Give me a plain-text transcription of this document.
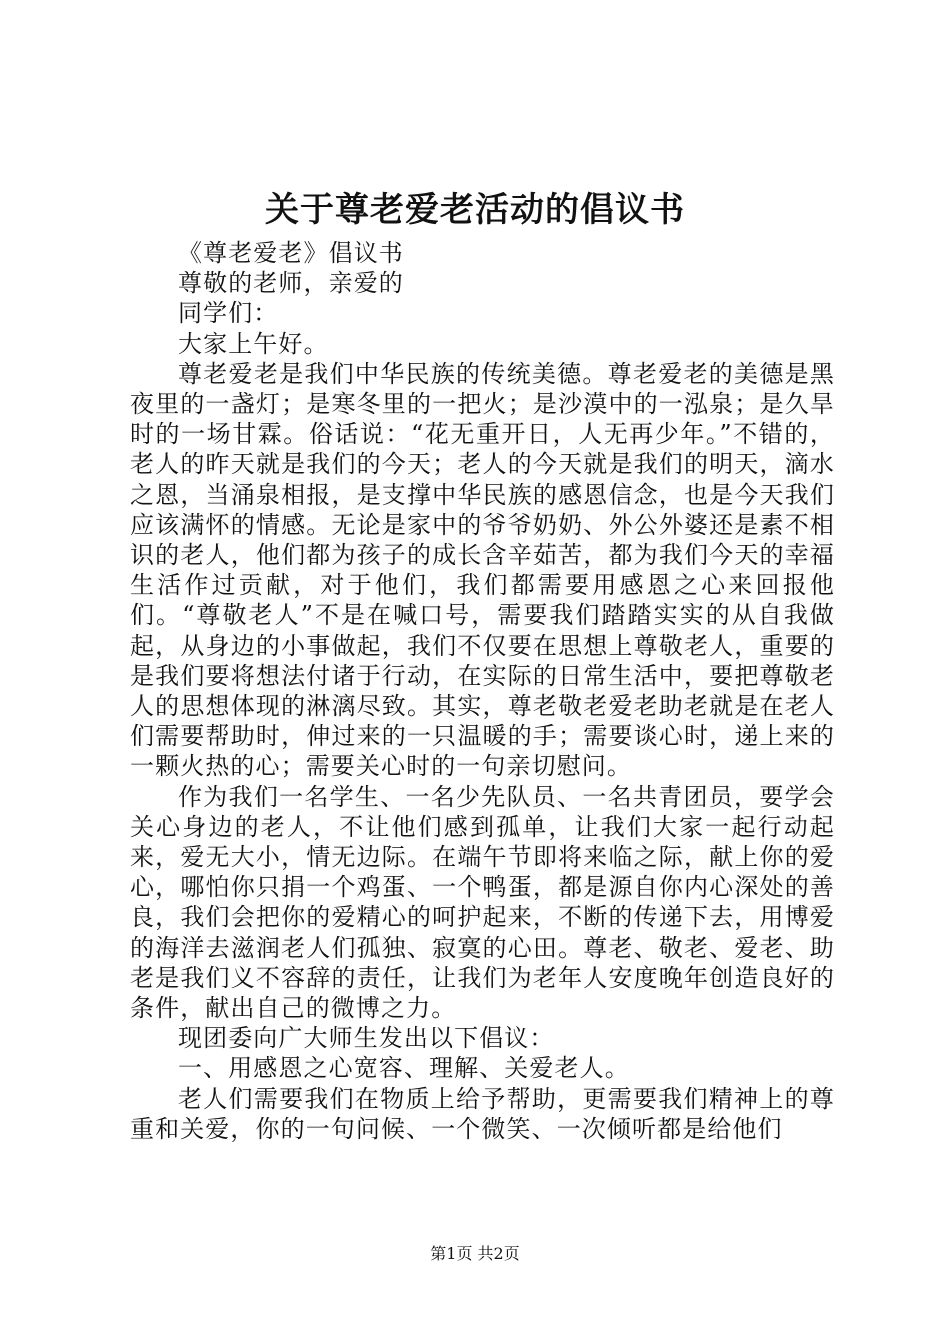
关于尊老爱老活动的倡议书

《尊老爱老》倡议书

尊敬的老师，亲爱的

同学们：

大家上午好。

尊老爱老是我们中华民族的传统美德。尊老爱老的美德是黑夜里的一盏灯；是寒冬里的一把火；是沙漠中的一泓泉；是久旱时的一场甘霖。俗话说：“花无重开日，人无再少年。”不错的，老人的昨天就是我们的今天；老人的今天就是我们的明天，滴水之恩，当涌泉相报，是支撑中华民族的感恩信念，也是今天我们应该满怀的情感。无论是家中的爷爷奶奶、外公外婆还是素不相识的老人，他们都为孩子的成长含辛茹苦，都为我们今天的幸福生活作过贡献，对于他们，我们都需要用感恩之心来回报他们。“尊敬老人”不是在喊口号，需要我们踏踏实实的从自我做起，从身边的小事做起，我们不仅要在思想上尊敬老人，重要的是我们要将想法付诸于行动，在实际的日常生活中，要把尊敬老人的思想体现的淋漓尽致。其实，尊老敬老爱老助老就是在老人们需要帮助时，伸过来的一只温暖的手；需要谈心时，递上来的一颗火热的心；需要关心时的一句亲切慰问。

作为我们一名学生、一名少先队员、一名共青团员，要学会关心身边的老人，不让他们感到孤单，让我们大家一起行动起来，爱无大小，情无边际。在端午节即将来临之际，献上你的爱心，哪怕你只捐一个鸡蛋、一个鸭蛋，都是源自你内心深处的善良，我们会把你的爱精心的呵护起来，不断的传递下去，用博爱的海洋去滋润老人们孤独、寂寞的心田。尊老、敬老、爱老、助老是我们义不容辞的责任，让我们为老年人安度晚年创造良好的条件，献出自己的微博之力。

现团委向广大师生发出以下倡议：

一、用感恩之心宽容、理解、关爱老人。

老人们需要我们在物质上给予帮助，更需要我们精神上的尊重和关爱，你的一句问候、一个微笑、一次倾听都是给他们

第1页 共2页
